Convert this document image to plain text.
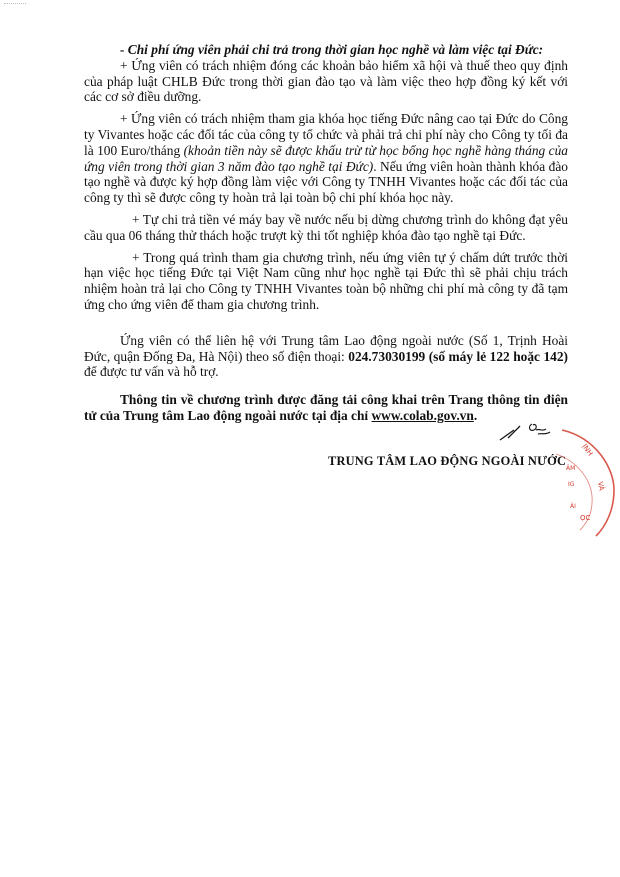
- Chi phí ứng viên phải chi trả trong thời gian học nghề và làm việc tại Đức:

+ Ứng viên có trách nhiệm đóng các khoản bảo hiểm xã hội và thuế theo quy định của pháp luật CHLB Đức trong thời gian đào tạo và làm việc theo hợp đồng ký kết với các cơ sở điều dưỡng.

+ Ứng viên có trách nhiệm tham gia khóa học tiếng Đức nâng cao tại Đức do Công ty Vivantes hoặc các đối tác của công ty tổ chức và phải trả chi phí này cho Công ty tối đa là 100 Euro/tháng (khoản tiền này sẽ được khấu trừ từ học bổng học nghề hàng tháng của ứng viên trong thời gian 3 năm đào tạo nghề tại Đức). Nếu ứng viên hoàn thành khóa đào tạo nghề và được ký hợp đồng làm việc với Công ty TNHH Vivantes hoặc các đối tác của công ty thì sẽ được công ty hoàn trả lại toàn bộ chi phí khóa học này.

+ Tự chi trả tiền vé máy bay về nước nếu bị dừng chương trình do không đạt yêu cầu qua 06 tháng thử thách hoặc trượt kỳ thi tốt nghiệp khóa đào tạo nghề tại Đức.

+ Trong quá trình tham gia chương trình, nếu ứng viên tự ý chấm dứt trước thời hạn việc học tiếng Đức tại Việt Nam cũng như học nghề tại Đức thì sẽ phải chịu trách nhiệm hoàn trả lại cho Công ty TNHH Vivantes toàn bộ những chi phí mà công ty đã tạm ứng cho ứng viên để tham gia chương trình.

Ứng viên có thể liên hệ với Trung tâm Lao động ngoài nước (Số 1, Trịnh Hoài Đức, quận Đống Đa, Hà Nội) theo số điện thoại: 024.73030199 (số máy lẻ 122 hoặc 142) để được tư vấn và hỗ trợ.

Thông tin về chương trình được đăng tải công khai trên Trang thông tin điện tử của Trung tâm Lao động ngoài nước tại địa chỉ www.colab.gov.vn.

TRUNG TÂM LAO ĐỘNG NGOÀI NƯỚC
ỊNH
VÀ
ÂM
IG
ỌC
ÀI
